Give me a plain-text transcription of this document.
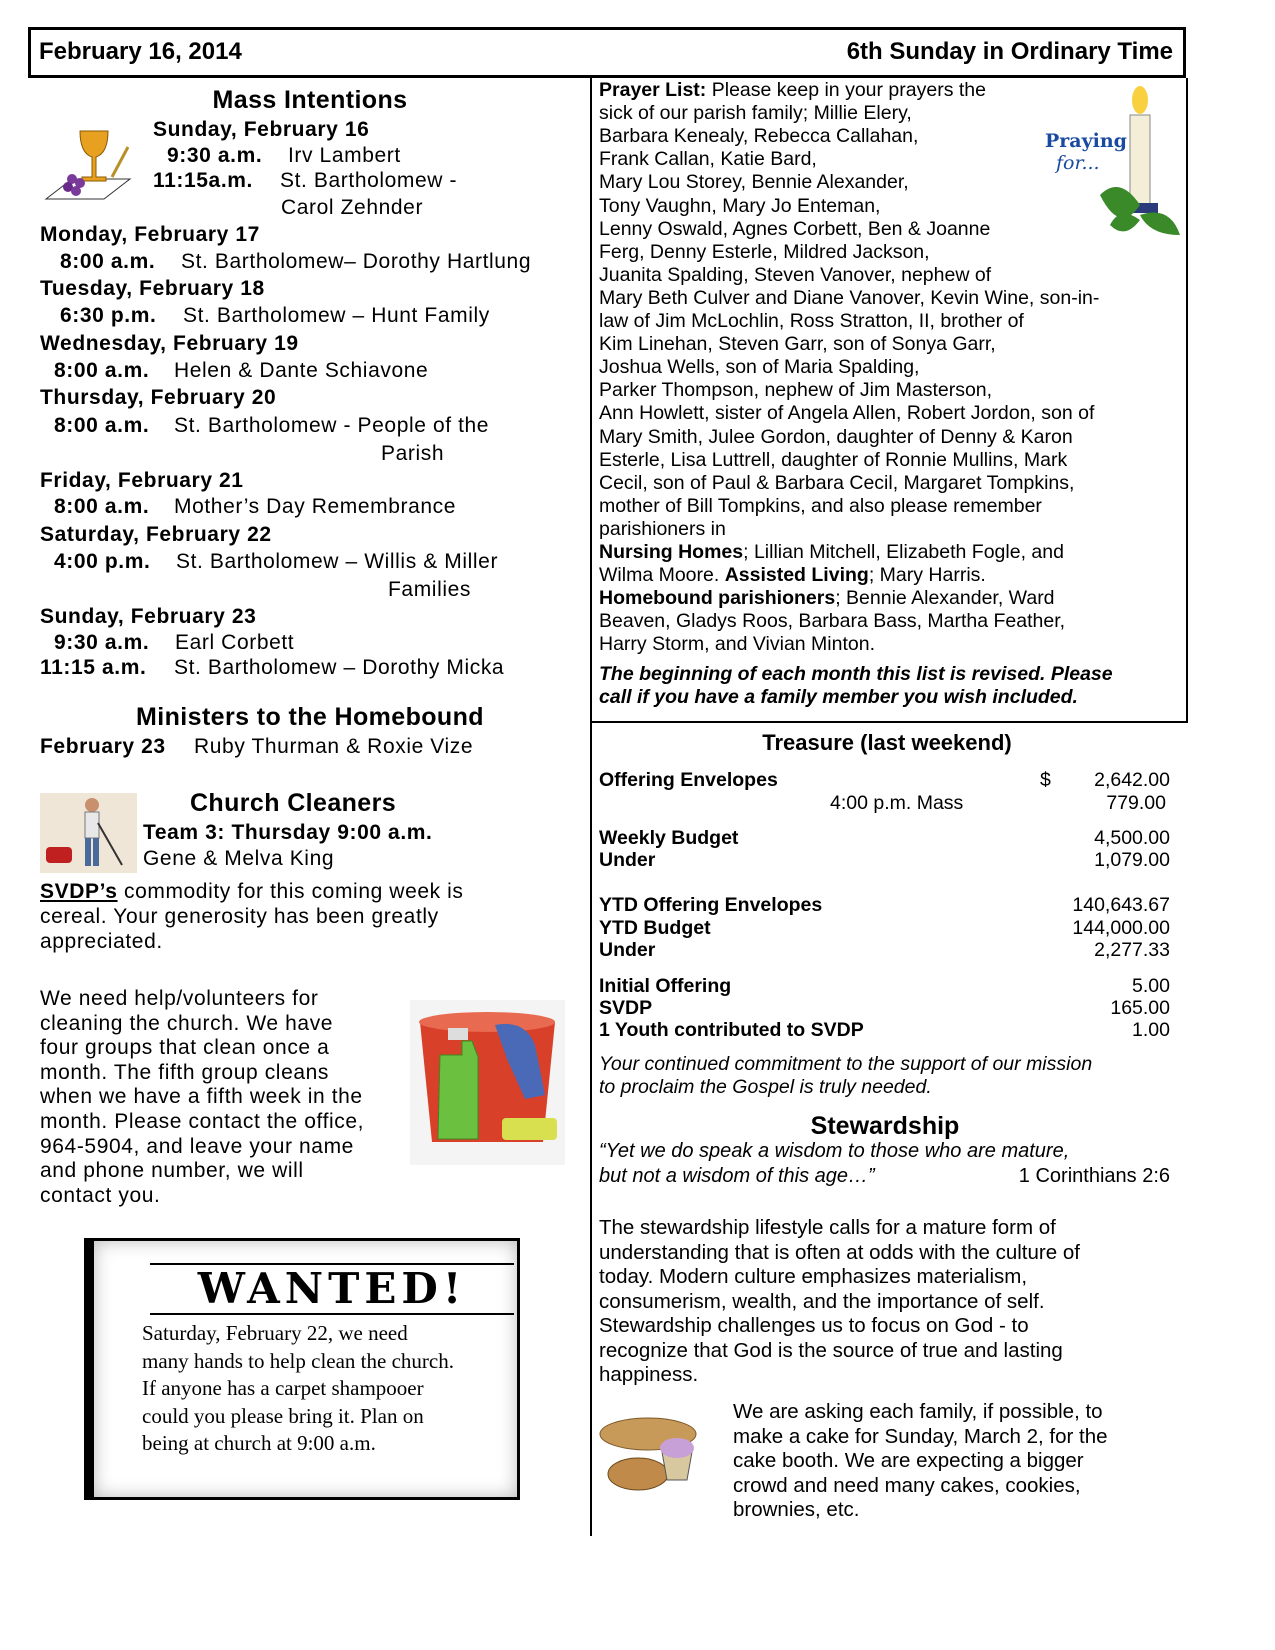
February 16, 2014	6th Sunday in Ordinary Time
Mass Intentions
Sunday, February 16
9:30 a.m. Irv Lambert
11:15a.m. St. Bartholomew -
Carol Zehnder
Monday, February 17
8:00 a.m. St. Bartholomew– Dorothy Hartlung
Tuesday, February 18
6:30 p.m. St. Bartholomew – Hunt Family
Wednesday, February 19
8:00 a.m. Helen & Dante Schiavone
Thursday, February 20
8:00 a.m. St. Bartholomew - People of the
Parish
Friday, February 21
8:00 a.m. Mother’s Day Remembrance
Saturday, February 22
4:00 p.m. St. Bartholomew – Willis & Miller
Families
Sunday, February 23
9:30 a.m. Earl Corbett
11:15 a.m. St. Bartholomew – Dorothy Micka
Ministers to the Homebound
February 23 Ruby Thurman & Roxie Vize
Church Cleaners
Team 3: Thursday 9:00 a.m.
Gene & Melva King
SVDP’s commodity for this coming week is
cereal. Your generosity has been greatly
appreciated.
We need help/volunteers for
cleaning the church. We have
four groups that clean once a
month. The fifth group cleans
when we have a fifth week in the
month. Please contact the office,
964-5904, and leave your name
and phone number, we will
contact you.
WANTED!
Saturday, February 22, we need
many hands to help clean the church.
If anyone has a carpet shampooer
could you please bring it. Plan on
being at church at 9:00 a.m.
Prayer List: Please keep in your prayers the
sick of our parish family; Millie Elery,
Barbara Kenealy, Rebecca Callahan,
Frank Callan, Katie Bard,
Mary Lou Storey, Bennie Alexander,
Tony Vaughn, Mary Jo Enteman,
Lenny Oswald, Agnes Corbett, Ben & Joanne
Ferg, Denny Esterle, Mildred Jackson,
Juanita Spalding, Steven Vanover, nephew of
Mary Beth Culver and Diane Vanover, Kevin Wine, son-in-
law of Jim McLochlin, Ross Stratton, II, brother of
Kim Linehan, Steven Garr, son of Sonya Garr,
Joshua Wells, son of Maria Spalding,
Parker Thompson, nephew of Jim Masterson,
Ann Howlett, sister of Angela Allen, Robert Jordon, son of
Mary Smith, Julee Gordon, daughter of Denny & Karon
Esterle, Lisa Luttrell, daughter of Ronnie Mullins, Mark
Cecil, son of Paul & Barbara Cecil, Margaret Tompkins,
mother of Bill Tompkins, and also please remember
parishioners in
Nursing Homes; Lillian Mitchell, Elizabeth Fogle, and
Wilma Moore. Assisted Living; Mary Harris.
Homebound parishioners; Bennie Alexander, Ward
Beaven, Gladys Roos, Barbara Bass, Martha Feather,
Harry Storm, and Vivian Minton.
Praying
for...
The beginning of each month this list is revised. Please
call if you have a family member you wish included.
Treasure (last weekend)
$
Offering Envelopes	2,642.00
4:00 p.m. Mass	779.00
Weekly Budget	4,500.00
Under	1,079.00
YTD Offering Envelopes	140,643.67
YTD Budget	144,000.00
Under	2,277.33
Initial Offering	5.00
SVDP	165.00
1 Youth contributed to SVDP	1.00
Your continued commitment to the support of our mission
to proclaim the Gospel is truly needed.
Stewardship
“Yet we do speak a wisdom to those who are mature,
but not a wisdom of this age…”	1 Corinthians 2:6
The stewardship lifestyle calls for a mature form of
understanding that is often at odds with the culture of
today. Modern culture emphasizes materialism,
consumerism, wealth, and the importance of self.
Stewardship challenges us to focus on God - to
recognize that God is the source of true and lasting
happiness.
We are asking each family, if possible, to
make a cake for Sunday, March 2, for the
cake booth. We are expecting a bigger
crowd and need many cakes, cookies,
brownies, etc.
